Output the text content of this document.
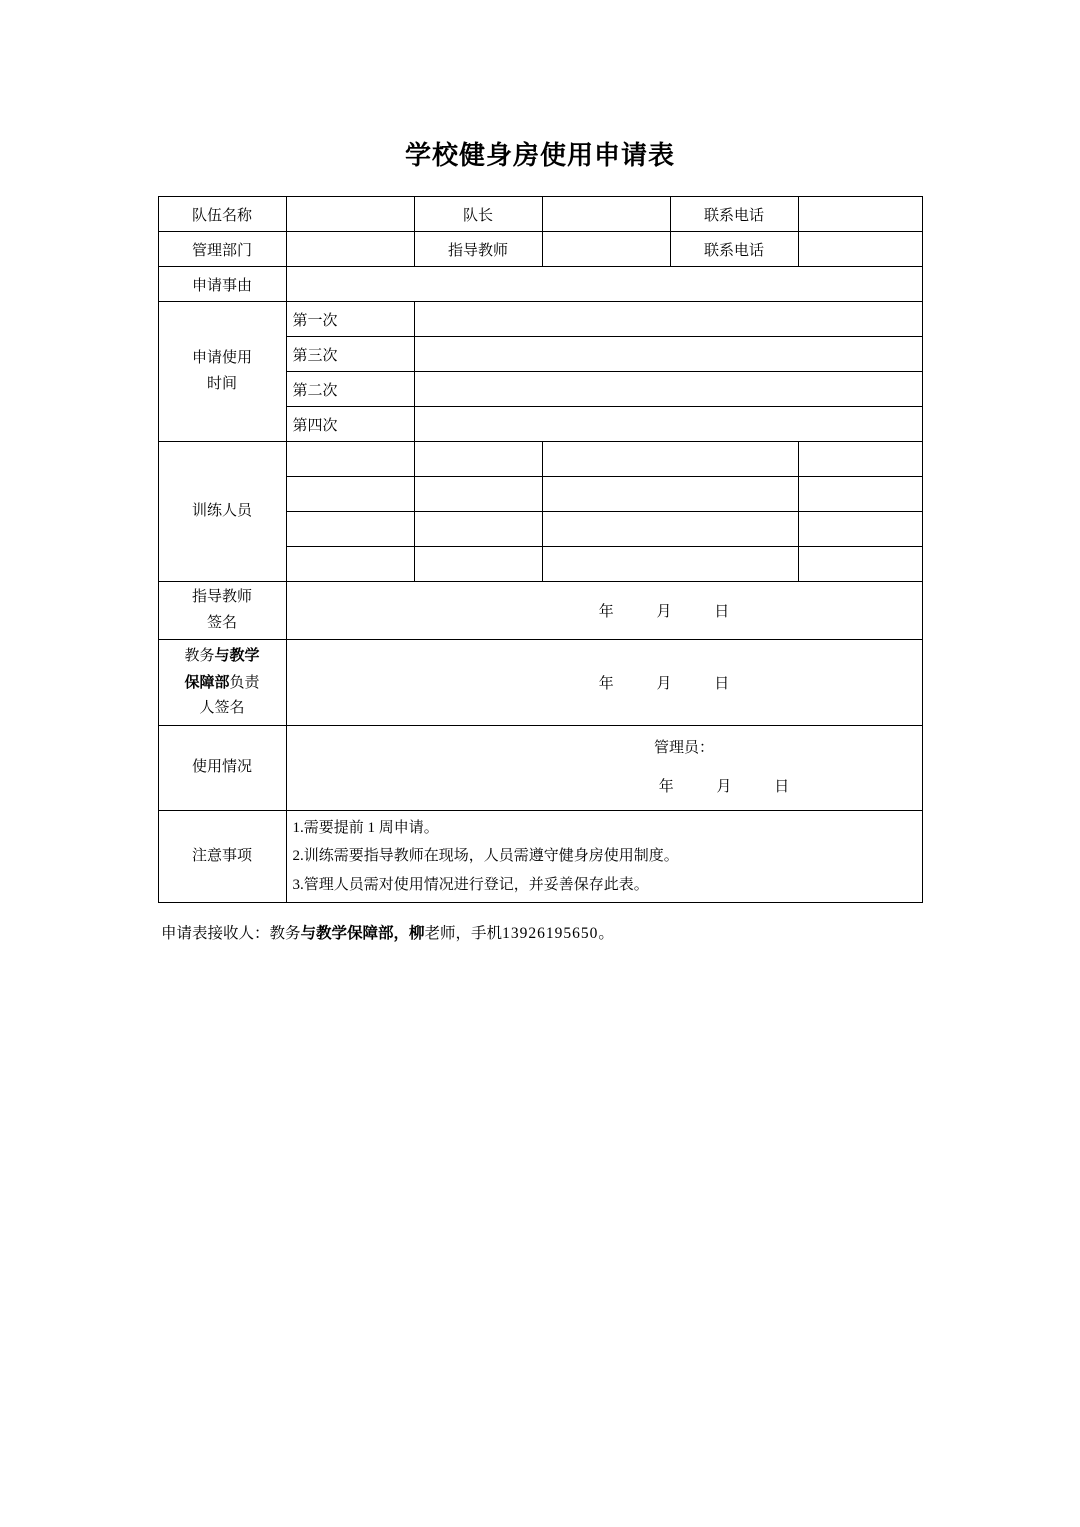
学校健身房使用申请表
队伍名称		队长		联系电话	
管理部门		指导教师		联系电话	
申请事由					

申请使用
时间	第一次				
	第三次				
	第二次				
	第四次				
训练人员					

指导教师
签名	年 月 日				

教务与教学
保障部负责
人签名	年 月 日				

使用情况	管理员：
年 月 日				

注意事项	1.需要提前 1 周申请。
2.训练需要指导教师在现场，人员需遵守健身房使用制度。
3.管理人员需对使用情况进行登记，并妥善保存此表。				
申请表接收人：教务与教学保障部，柳老师，手机13926195650。
